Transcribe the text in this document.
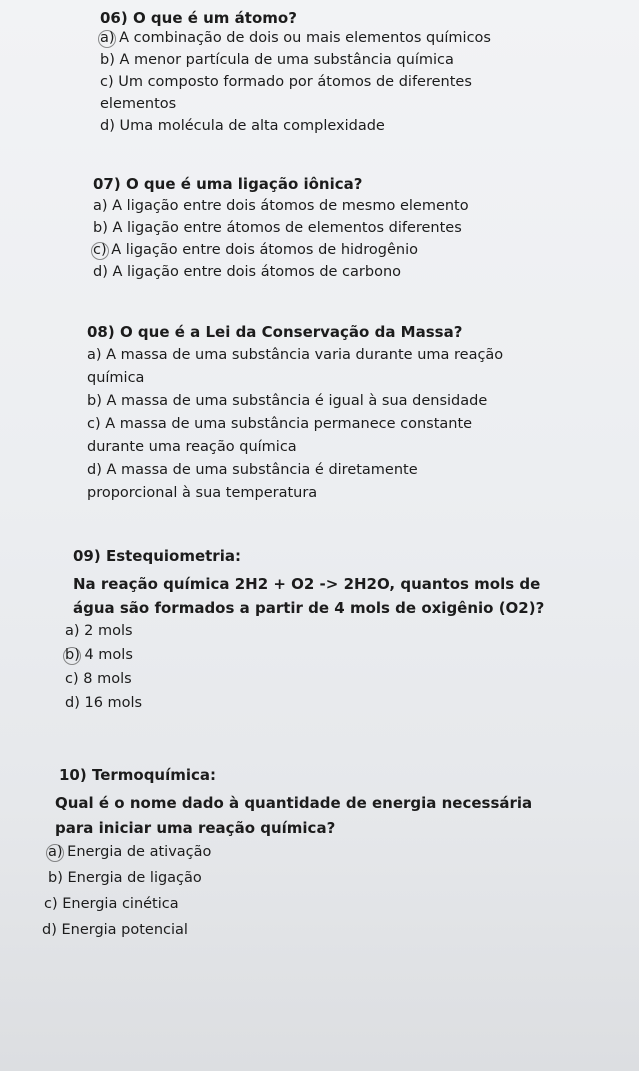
06) O que é um átomo?
a) A combinação de dois ou mais elementos químicos
b) A menor partícula de uma substância química
c) Um composto formado por átomos de diferentes
elementos
d) Uma molécula de alta complexidade
07) O que é uma ligação iônica?
a) A ligação entre dois átomos de mesmo elemento
b) A ligação entre átomos de elementos diferentes
c) A ligação entre dois átomos de hidrogênio
d) A ligação entre dois átomos de carbono
08) O que é a Lei da Conservação da Massa?
a) A massa de uma substância varia durante uma reação
química
b) A massa de uma substância é igual à sua densidade
c) A massa de uma substância permanece constante
durante uma reação química
d) A massa de uma substância é diretamente
proporcional à sua temperatura
09) Estequiometria:
Na reação química 2H2 + O2 -> 2H2O, quantos mols de
água são formados a partir de 4 mols de oxigênio (O2)?
a) 2 mols
b) 4 mols
c) 8 mols
d) 16 mols
10) Termoquímica:
Qual é o nome dado à quantidade de energia necessária
para iniciar uma reação química?
a) Energia de ativação
b) Energia de ligação
c) Energia cinética
d) Energia potencial
